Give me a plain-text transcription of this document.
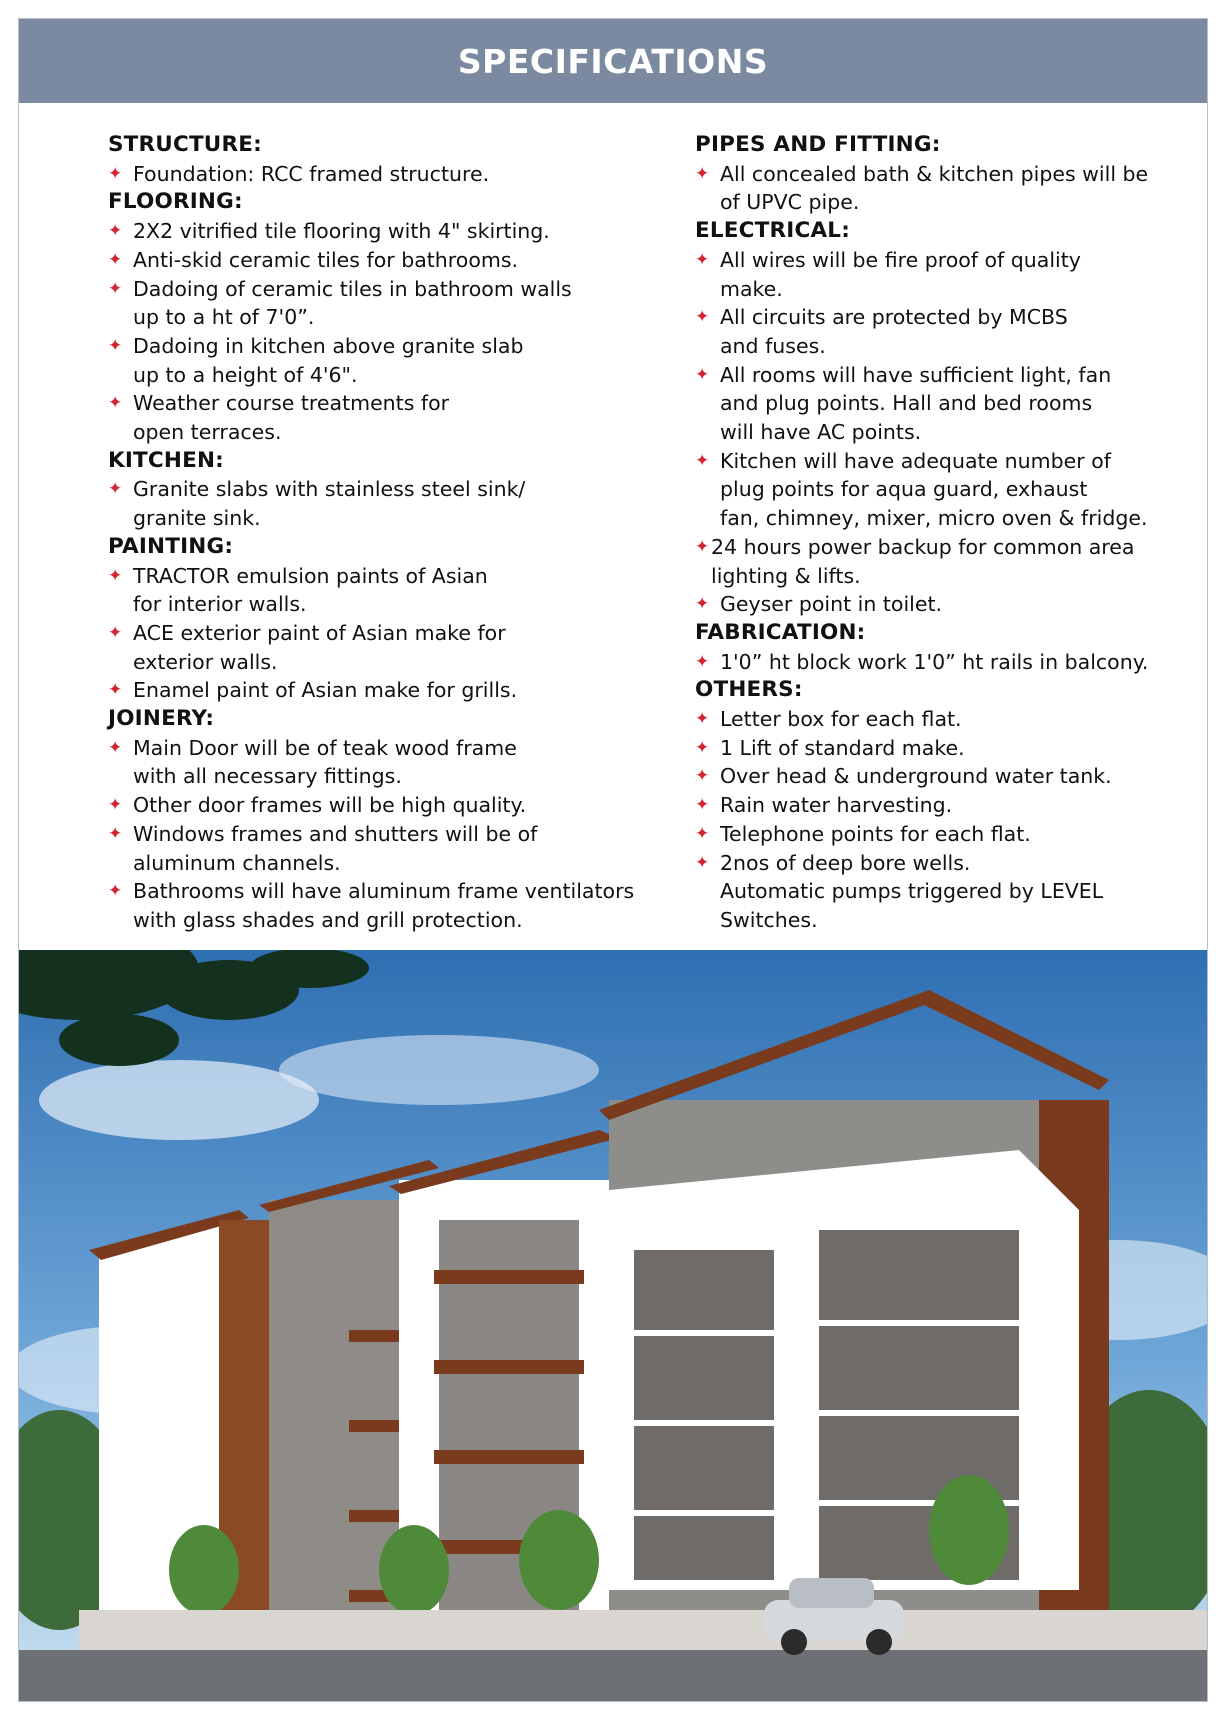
SPECIFICATIONS
STRUCTURE:
✦ Foundation: RCC framed structure.
FLOORING:
✦ 2X2 vitrified tile flooring with 4" skirting.
✦ Anti-skid ceramic tiles for bathrooms.
✦ Dadoing of ceramic tiles in bathroom walls
up to a ht of 7'0”.
✦ Dadoing in kitchen above granite slab
up to a height of 4'6".
✦ Weather course treatments for
open terraces.
KITCHEN:
✦ Granite slabs with stainless steel sink/
granite sink.
PAINTING:
✦ TRACTOR emulsion paints of Asian
for interior walls.
✦ ACE exterior paint of Asian make for
exterior walls.
✦ Enamel paint of Asian make for grills.
JOINERY:
✦ Main Door will be of teak wood frame
with all necessary fittings.
✦ Other door frames will be high quality.
✦ Windows frames and shutters will be of
aluminum channels.
✦ Bathrooms will have aluminum frame ventilators
with glass shades and grill protection.
PIPES AND FITTING:
✦ All concealed bath & kitchen pipes will be
of UPVC pipe.
ELECTRICAL:
✦ All wires will be fire proof of quality
make.
✦ All circuits are protected by MCBS
and fuses.
✦ All rooms will have sufficient light, fan
and plug points. Hall and bed rooms
will have AC points.
✦ Kitchen will have adequate number of
plug points for aqua guard, exhaust
fan, chimney, mixer, micro oven & fridge.
✦ 24 hours power backup for common area
lighting & lifts.
✦ Geyser point in toilet.
FABRICATION:
✦ 1'0” ht block work 1'0” ht rails in balcony.
OTHERS:
✦ Letter box for each flat.
✦ 1 Lift of standard make.
✦ Over head & underground water tank.
✦ Rain water harvesting.
✦ Telephone points for each flat.
✦ 2nos of deep bore wells.
Automatic pumps triggered by LEVEL
Switches.
